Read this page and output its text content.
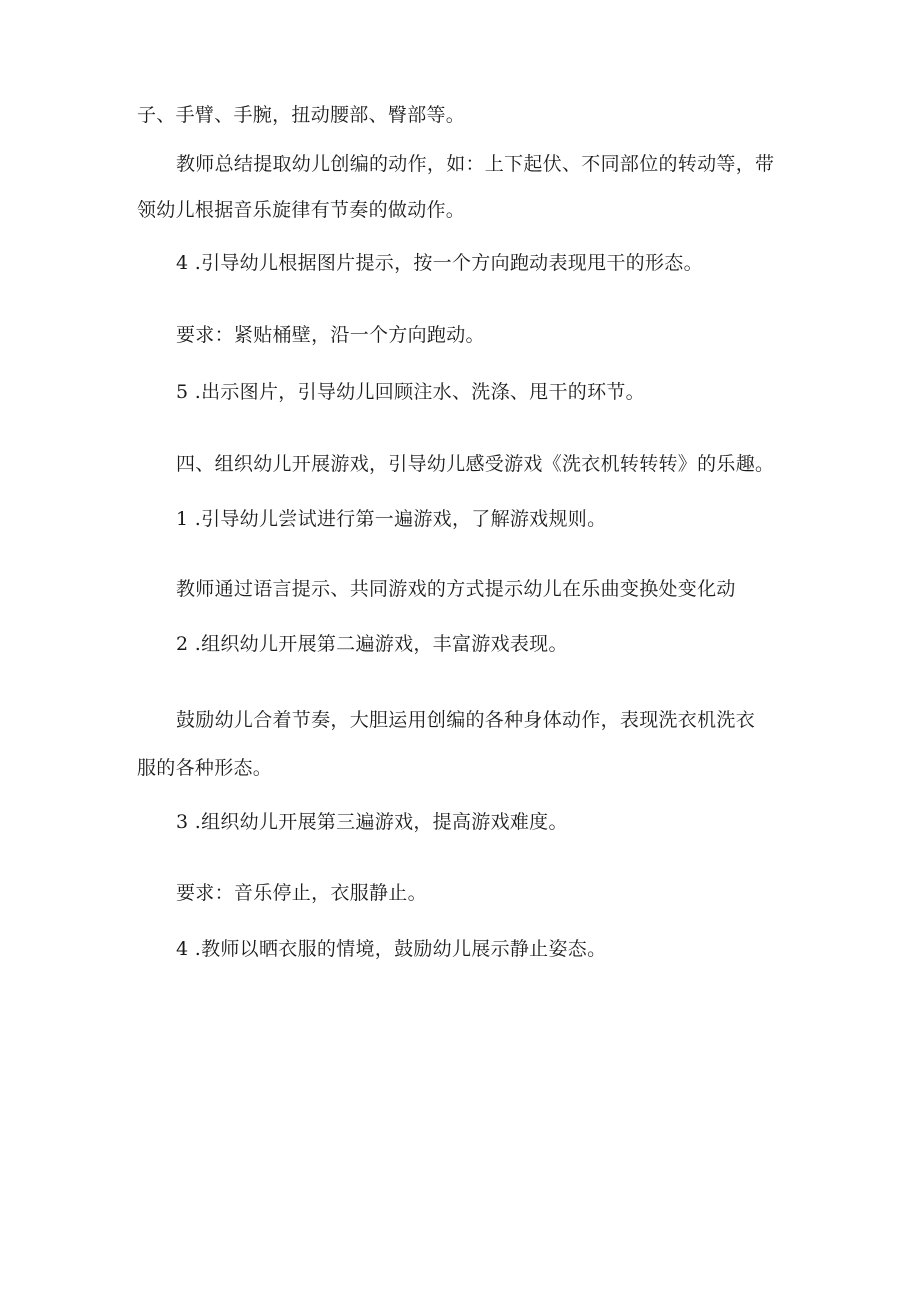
子、手臂、手腕，扭动腰部、臀部等。
教师总结提取幼儿创编的动作，如：上下起伏、不同部位的转动等，带
领幼儿根据音乐旋律有节奏的做动作。
4 .引导幼儿根据图片提示，按一个方向跑动表现甩干的形态。
要求：紧贴桶壁，沿一个方向跑动。
5 .出示图片，引导幼儿回顾注水、洗涤、甩干的环节。
四、组织幼儿开展游戏，引导幼儿感受游戏《洗衣机转转转》的乐趣。
1 .引导幼儿尝试进行第一遍游戏，了解游戏规则。
教师通过语言提示、共同游戏的方式提示幼儿在乐曲变换处变化动
2 .组织幼儿开展第二遍游戏，丰富游戏表现。
鼓励幼儿合着节奏，大胆运用创编的各种身体动作，表现洗衣机洗衣
服的各种形态。
3 .组织幼儿开展第三遍游戏，提高游戏难度。
要求：音乐停止，衣服静止。
4 .教师以晒衣服的情境，鼓励幼儿展示静止姿态。
